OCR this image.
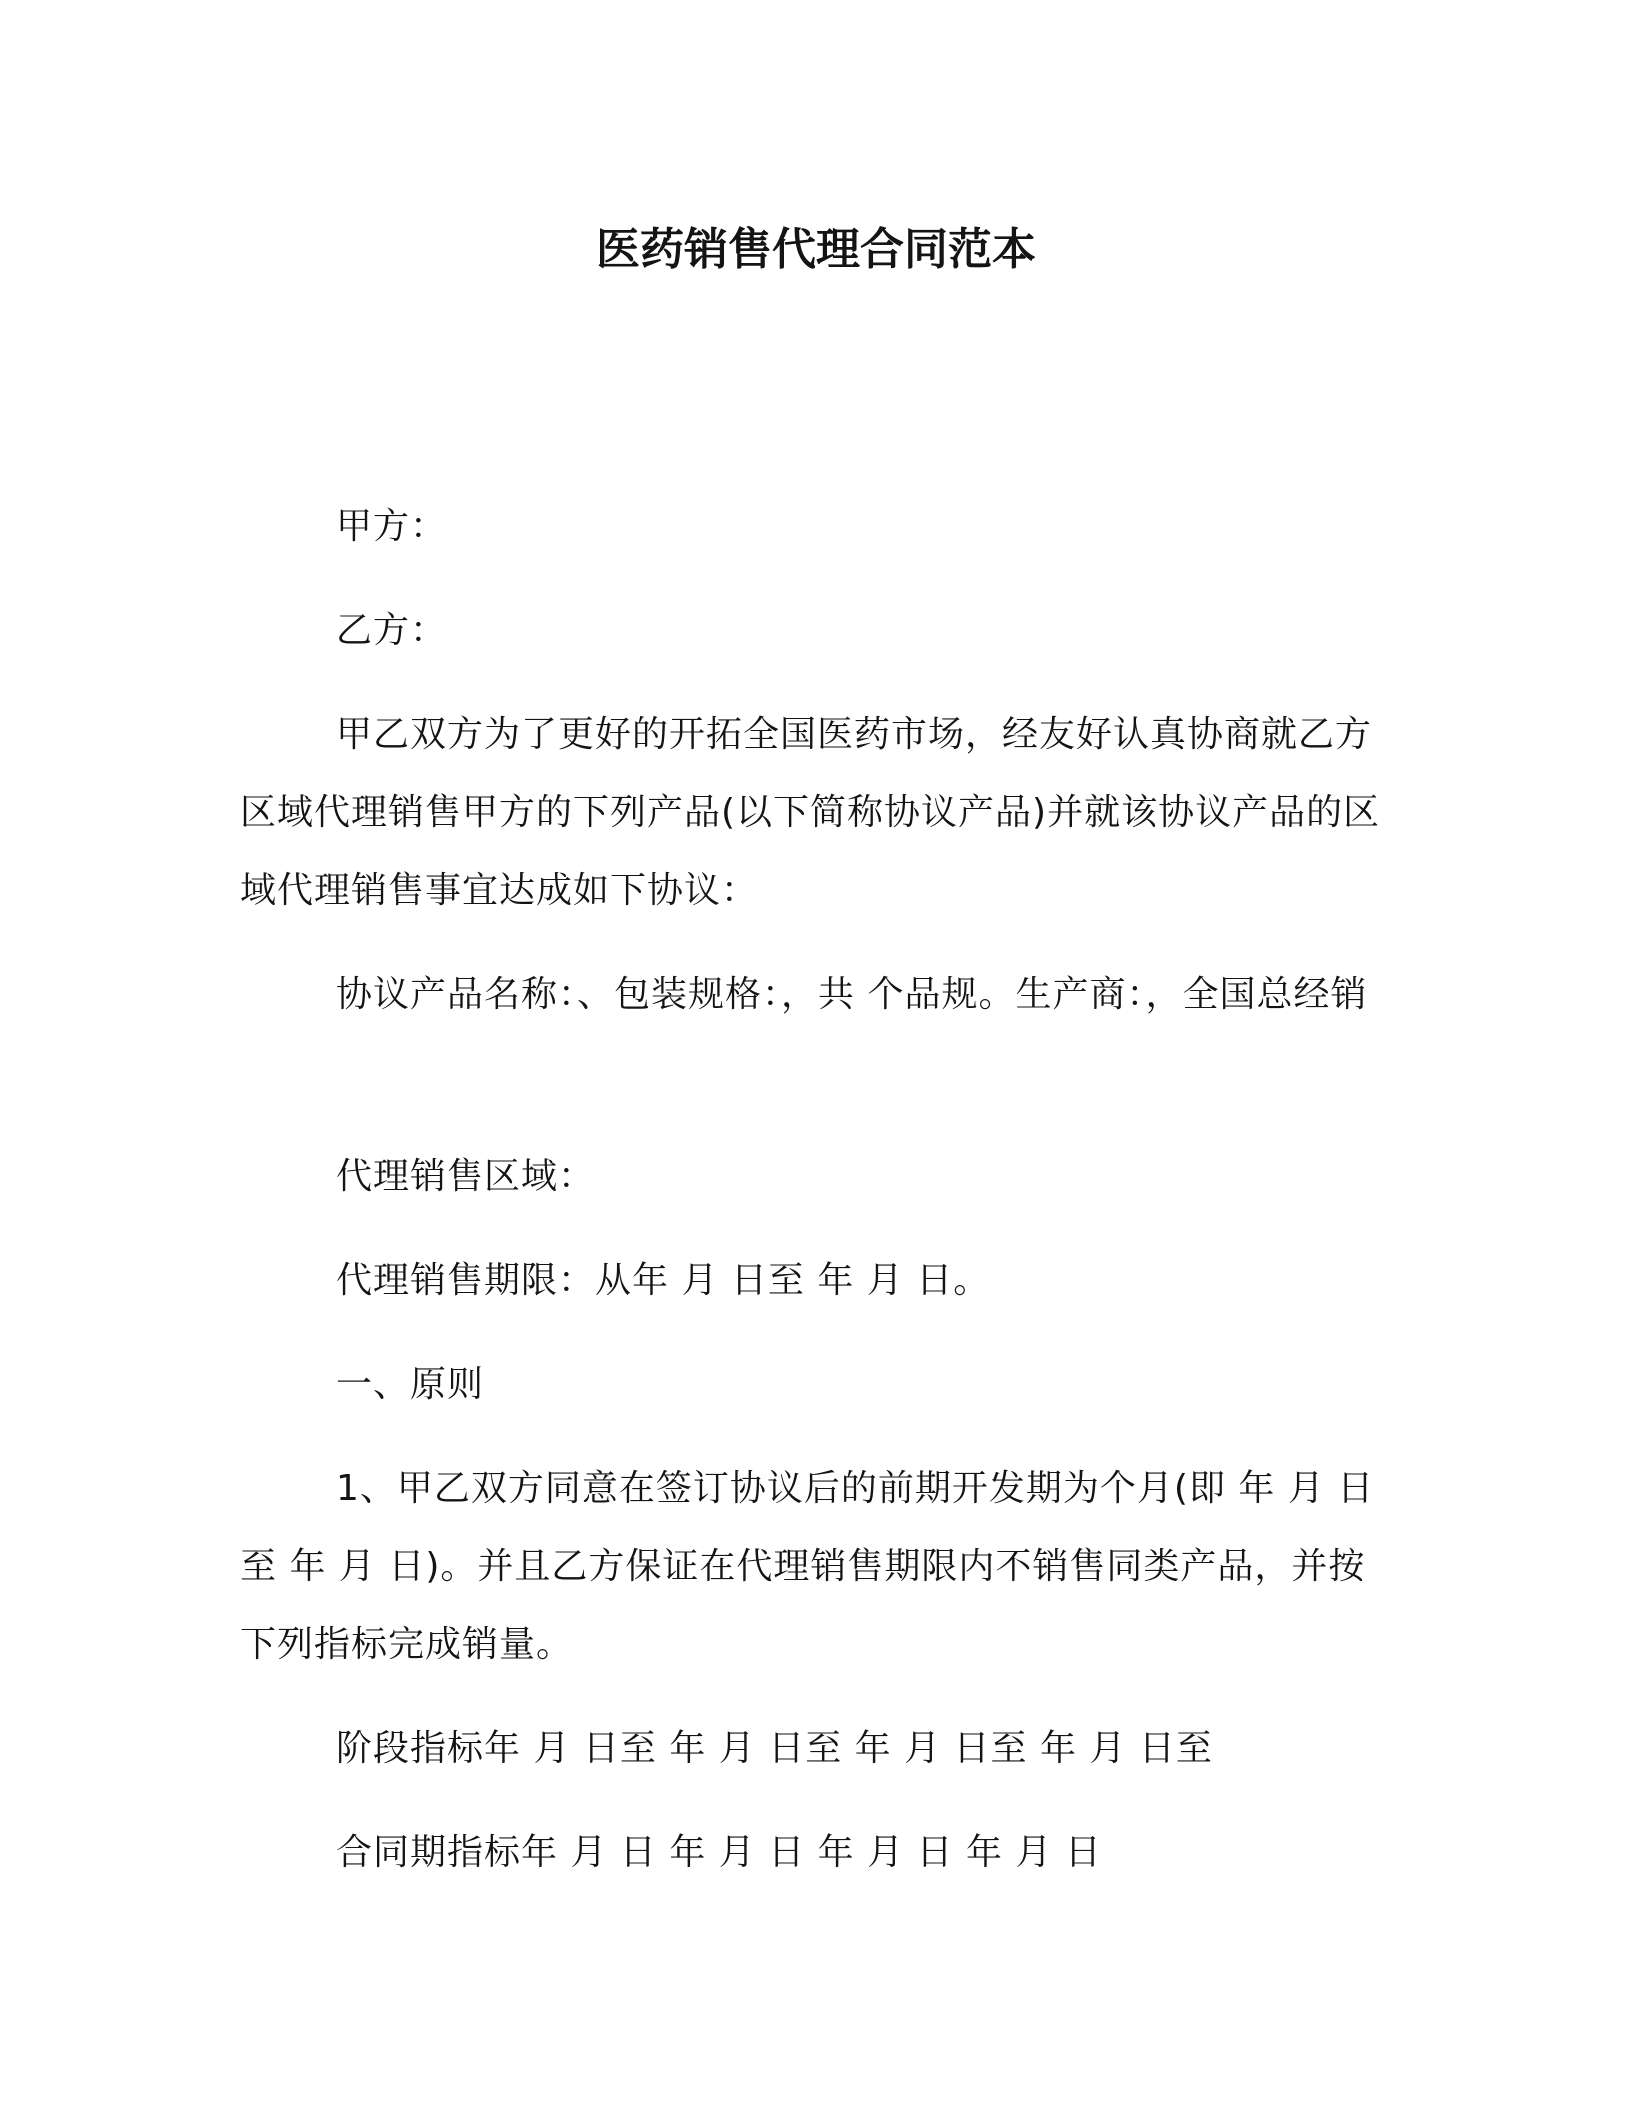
医药销售代理合同范本
甲方：
乙方：
甲乙双方为了更好的开拓全国医药市场，经友好认真协商就乙方区域代理销售甲方的下列产品(以下简称协议产品)并就该协议产品的区域代理销售事宜达成如下协议：
协议产品名称：、包装规格：，共 个品规。生产商：，全国总经销
代理销售区域：
代理销售期限：从年 月 日至 年 月 日。
一、原则
1、甲乙双方同意在签订协议后的前期开发期为个月(即 年 月 日至 年 月 日)。并且乙方保证在代理销售期限内不销售同类产品，并按下列指标完成销量。
阶段指标年 月 日至 年 月 日至 年 月 日至 年 月 日至
合同期指标年 月 日 年 月 日 年 月 日 年 月 日
